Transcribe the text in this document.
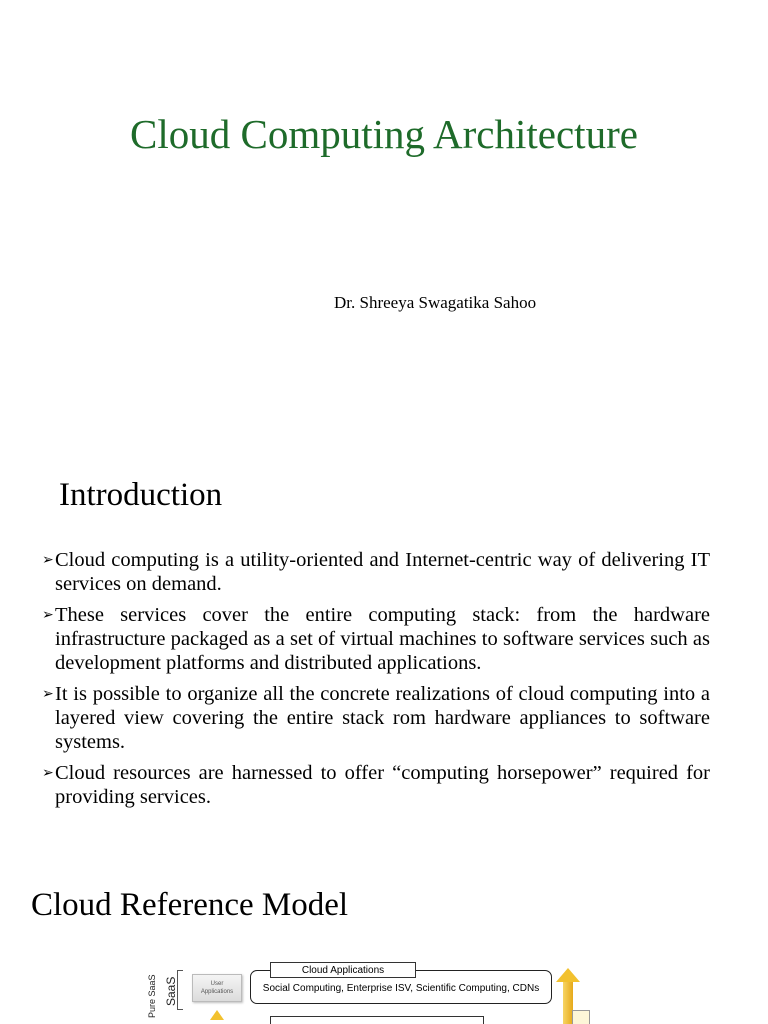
Cloud Computing Architecture

Dr. Shreeya Swagatika Sahoo

Introduction
➢ Cloud computing is a utility-oriented and Internet-centric way of delivering IT services on demand.
➢ These services cover the entire computing stack: from the hardware infrastructure packaged as a set of virtual machines to software services such as development platforms and distributed applications.
➢ It is possible to organize all the concrete realizations of cloud computing into a layered view covering the entire stack rom hardware appliances to software systems.
➢ Cloud resources are harnessed to offer “computing horsepower” required for providing services.
Cloud Reference Model
Pure SaaS SaaS	User Applications	Social Computing, Enterprise ISV, Scientific Computing, CDNs
Cloud Applications
